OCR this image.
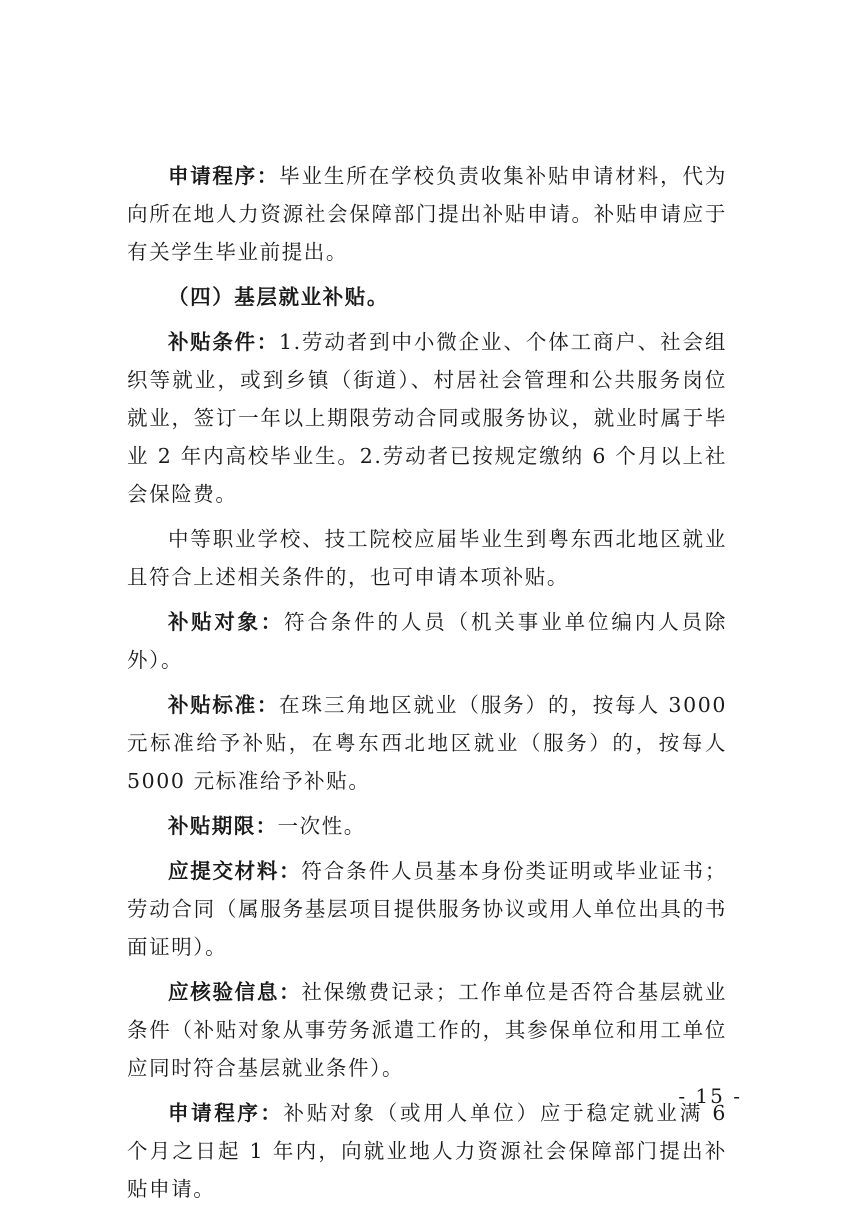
申请程序：毕业生所在学校负责收集补贴申请材料，代为向所在地人力资源社会保障部门提出补贴申请。补贴申请应于有关学生毕业前提出。

（四）基层就业补贴。

补贴条件：1.劳动者到中小微企业、个体工商户、社会组织等就业，或到乡镇（街道）、村居社会管理和公共服务岗位就业，签订一年以上期限劳动合同或服务协议，就业时属于毕业 2 年内高校毕业生。2.劳动者已按规定缴纳 6 个月以上社会保险费。

中等职业学校、技工院校应届毕业生到粤东西北地区就业且符合上述相关条件的，也可申请本项补贴。

补贴对象：符合条件的人员（机关事业单位编内人员除外）。

补贴标准：在珠三角地区就业（服务）的，按每人 3000 元标准给予补贴，在粤东西北地区就业（服务）的，按每人 5000 元标准给予补贴。

补贴期限：一次性。

应提交材料：符合条件人员基本身份类证明或毕业证书；劳动合同（属服务基层项目提供服务协议或用人单位出具的书面证明）。

应核验信息：社保缴费记录；工作单位是否符合基层就业条件（补贴对象从事劳务派遣工作的，其参保单位和用工单位应同时符合基层就业条件）。

申请程序：补贴对象（或用人单位）应于稳定就业满 6 个月之日起 1 年内，向就业地人力资源社会保障部门提出补贴申请。

- 15 -
